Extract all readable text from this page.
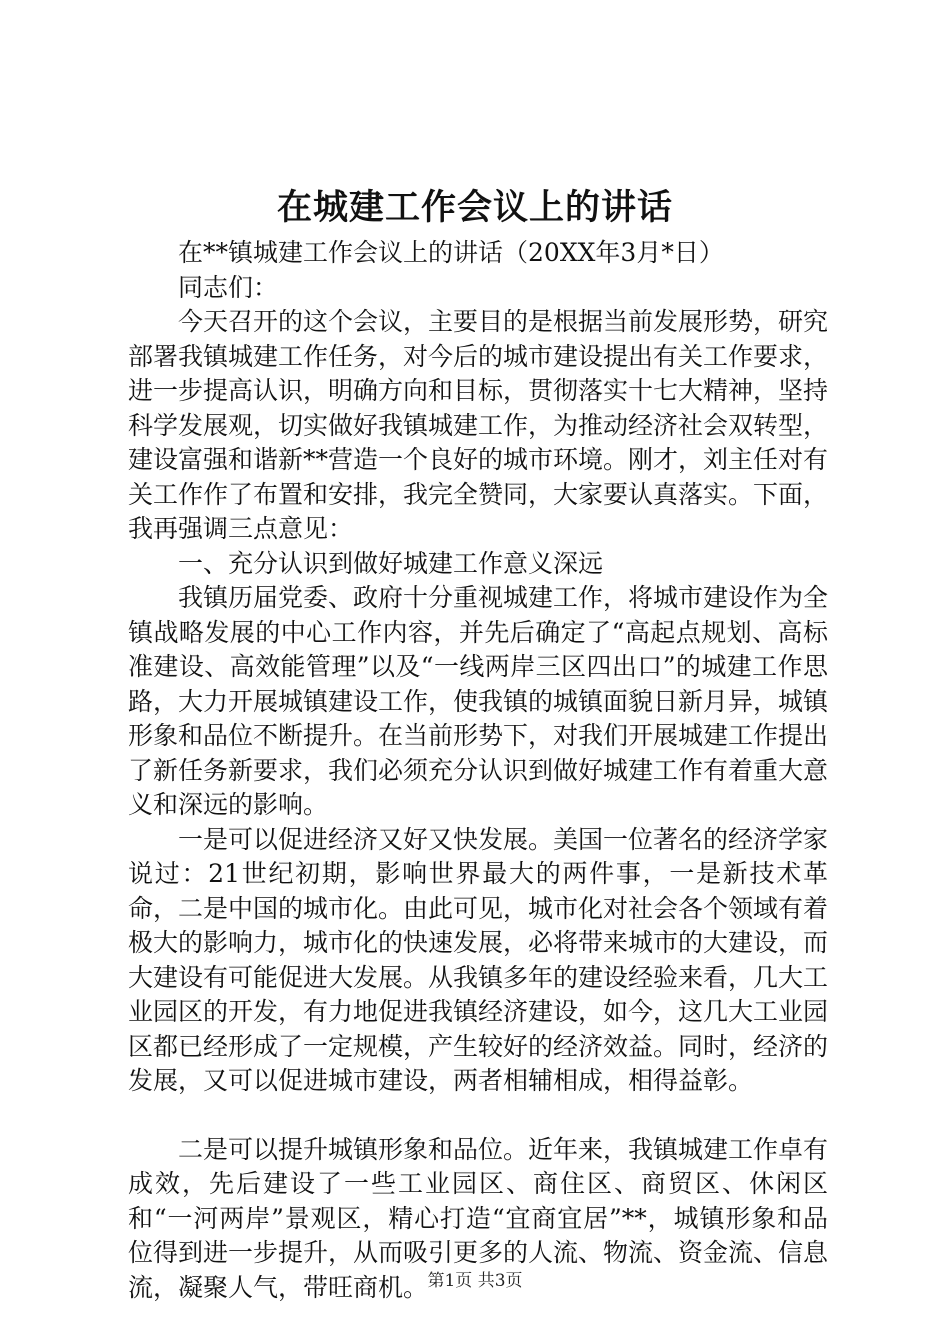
在城建工作会议上的讲话

在**镇城建工作会议上的讲话（20XX年3月*日）

同志们：

今天召开的这个会议，主要目的是根据当前发展形势，研究部署我镇城建工作任务，对今后的城市建设提出有关工作要求，进一步提高认识，明确方向和目标，贯彻落实十七大精神，坚持科学发展观，切实做好我镇城建工作，为推动经济社会双转型，建设富强和谐新**营造一个良好的城市环境。刚才，刘主任对有关工作作了布置和安排，我完全赞同，大家要认真落实。下面，我再强调三点意见：

一、充分认识到做好城建工作意义深远

我镇历届党委、政府十分重视城建工作，将城市建设作为全镇战略发展的中心工作内容，并先后确定了“高起点规划、高标准建设、高效能管理”以及“一线两岸三区四出口”的城建工作思路，大力开展城镇建设工作，使我镇的城镇面貌日新月异，城镇形象和品位不断提升。在当前形势下，对我们开展城建工作提出了新任务新要求，我们必须充分认识到做好城建工作有着重大意义和深远的影响。

一是可以促进经济又好又快发展。美国一位著名的经济学家说过：21世纪初期，影响世界最大的两件事，一是新技术革命，二是中国的城市化。由此可见，城市化对社会各个领域有着极大的影响力，城市化的快速发展，必将带来城市的大建设，而大建设有可能促进大发展。从我镇多年的建设经验来看，几大工业园区的开发，有力地促进我镇经济建设，如今，这几大工业园区都已经形成了一定规模，产生较好的经济效益。同时，经济的发展，又可以促进城市建设，两者相辅相成，相得益彰。

二是可以提升城镇形象和品位。近年来，我镇城建工作卓有成效，先后建设了一些工业园区、商住区、商贸区、休闲区和“一河两岸”景观区，精心打造“宜商宜居”**，城镇形象和品位得到进一步提升，从而吸引更多的人流、物流、资金流、信息流，凝聚人气，带旺商机。 第1页 共3页
